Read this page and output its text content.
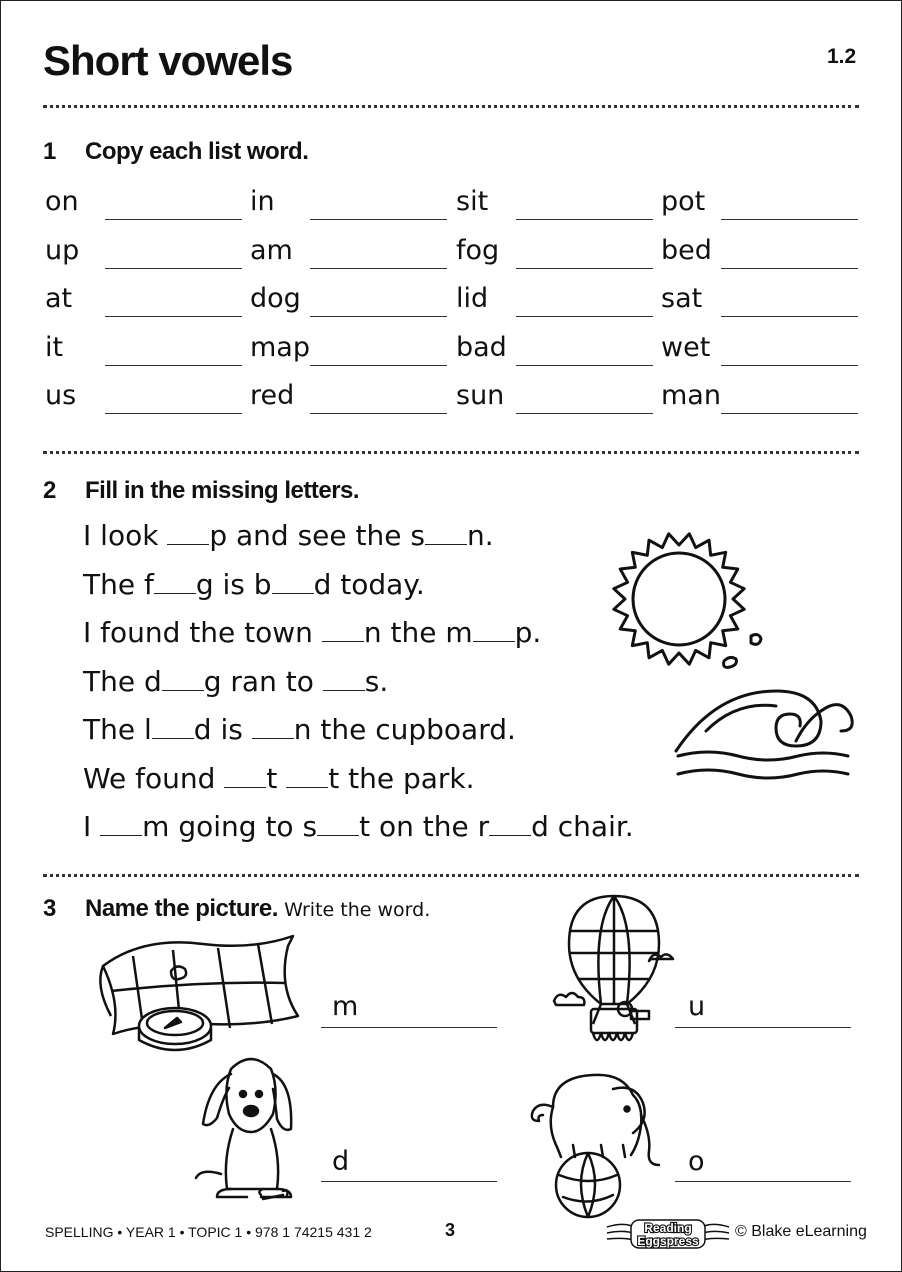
Short vowels	1.2
1 Copy each list word.
on	in	sit	pot
up	am	fog	bed
at	dog	lid	sat
it	map	bad	wet
us	red	sun	man
2 Fill in the missing letters.
I look p and see the s n.
The f g is b d today.
I found the town n the m p.
The d g ran to s.
The l d is n the cupboard.
We found t t the park.
I m going to s t on the r d chair.
3 Name the picture. Write the word.
m	u
d	o
SPELLING • YEAR 1 • TOPIC 1 • 978 1 74215 431 2	3	Reading
Eggspress
© Blake eLearning
